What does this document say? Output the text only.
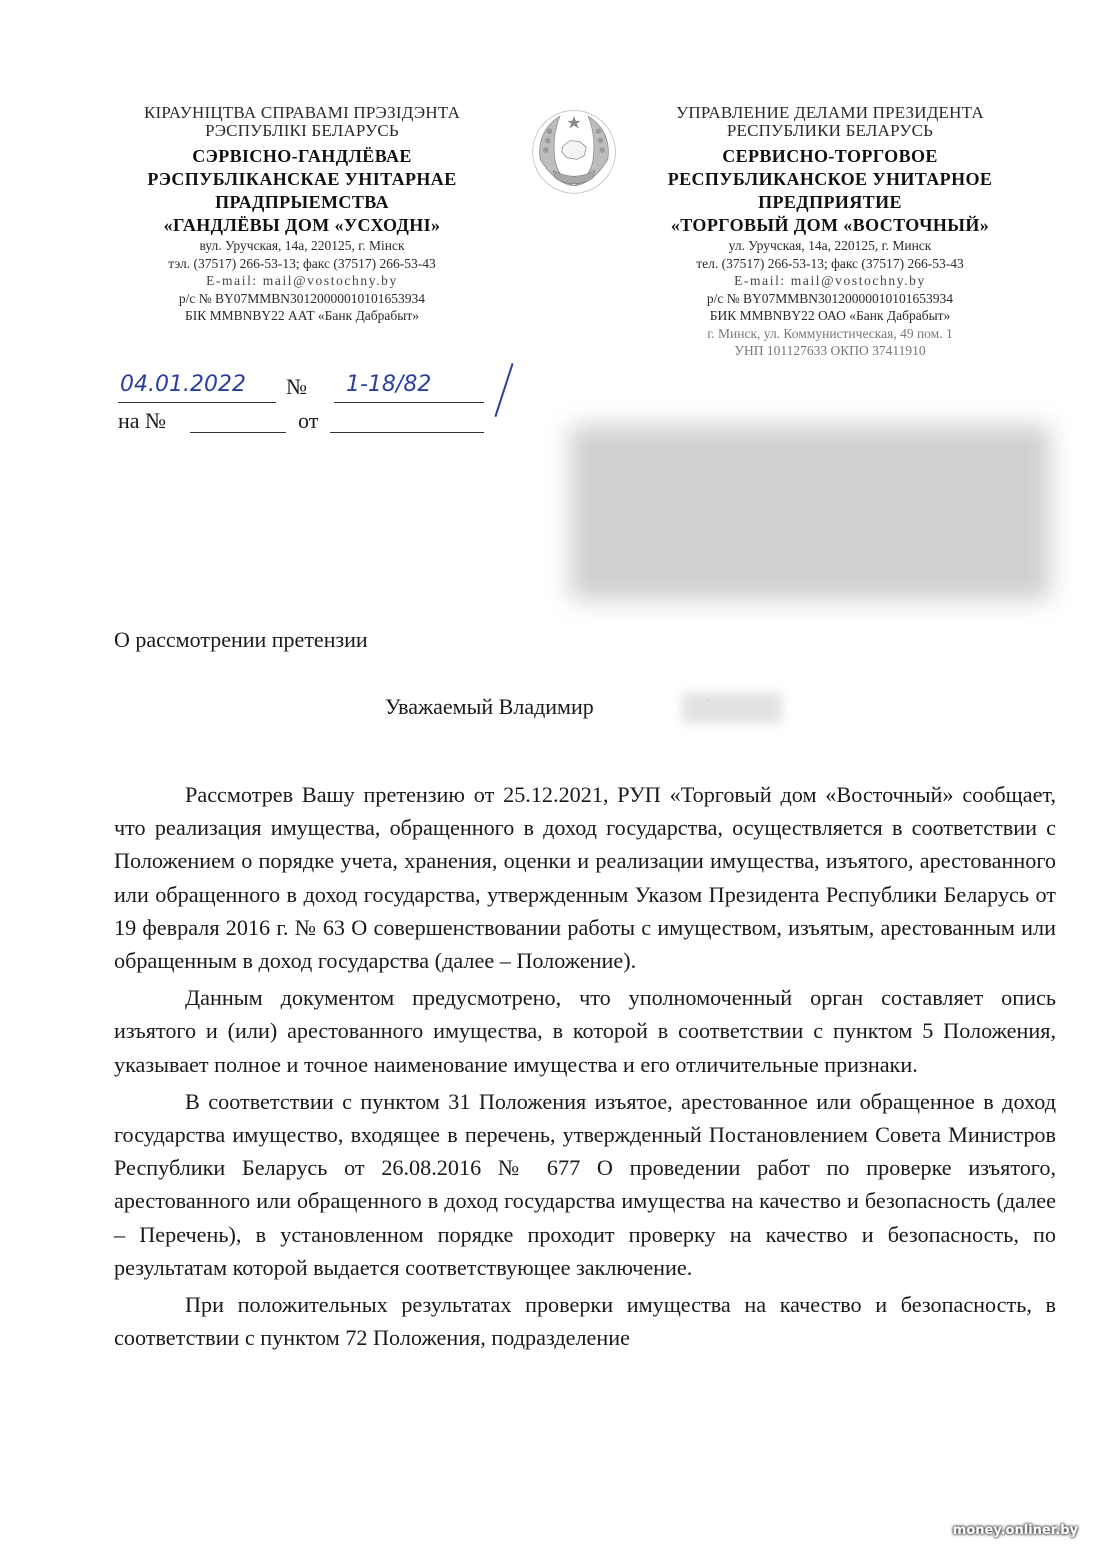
КІРАУНІЦТВА СПРАВАМІ ПРЭЗІДЭНТА
РЭСПУБЛІКІ БЕЛАРУСЬ
СЭРВІСНО-ГАНДЛЁВАЕ
РЭСПУБЛІКАНСКАЕ УНІТАРНАЕ
ПРАДПРЫЕМСТВА
«ГАНДЛЁВЫ ДОМ «УСХОДНІ»
вул. Уручская, 14а, 220125, г. Мінск
тэл. (37517) 266-53-13; факс (37517) 266-53-43
E-mail: mail@vostochny.by
р/с № BY07MMBN30120000010101653934
БІК MMBNBY22 ААТ «Банк Дабрабыт»
УПРАВЛЕНИЕ ДЕЛАМИ ПРЕЗИДЕНТА
РЕСПУБЛИКИ БЕЛАРУСЬ
СЕРВИСНО-ТОРГОВОЕ
РЕСПУБЛИКАНСКОЕ УНИТАРНОЕ
ПРЕДПРИЯТИЕ
«ТОРГОВЫЙ ДОМ «ВОСТОЧНЫЙ»
ул. Уручская, 14а, 220125, г. Минск
тел. (37517) 266-53-13; факс (37517) 266-53-43
E-mail: mail@vostochny.by
р/с № BY07MMBN30120000010101653934
БИК MMBNBY22 ОАО «Банк Дабрабыт»
г. Минск, ул. Коммунистическая, 49 пом. 1
УНП 101127633 ОКПО 37411910
04.01.2022 № 1-18/82
на №	от
О рассмотрении претензии
Уважаемый Владимир

Рассмотрев Вашу претензию от 25.12.2021, РУП «Торговый дом «Восточный» сообщает, что реализация имущества, обращенного в доход государства, осуществляется в соответствии с Положением о порядке учета, хранения, оценки и реализации имущества, изъятого, арестованного или обращенного в доход государства, утвержденным Указом Президента Республики Беларусь от 19 февраля 2016 г. № 63 О совершенствовании работы с имуществом, изъятым, арестованным или обращенным в доход государства (далее – Положение).

Данным документом предусмотрено, что уполномоченный орган составляет опись изъятого и (или) арестованного имущества, в которой в соответствии с пунктом 5 Положения, указывает полное и точное наименование имущества и его отличительные признаки.

В соответствии с пунктом 31 Положения изъятое, арестованное или обращенное в доход государства имущество, входящее в перечень, утвержденный Постановлением Совета Министров Республики Беларусь от 26.08.2016 № 677 О проведении работ по проверке изъятого, арестованного или обращенного в доход государства имущества на качество и безопасность (далее – Перечень), в установленном порядке проходит проверку на качество и безопасность, по результатам которой выдается соответствующее заключение.

При положительных результатах проверки имущества на качество и безопасность, в соответствии с пунктом 72 Положения, подразделение

money.onliner.by
